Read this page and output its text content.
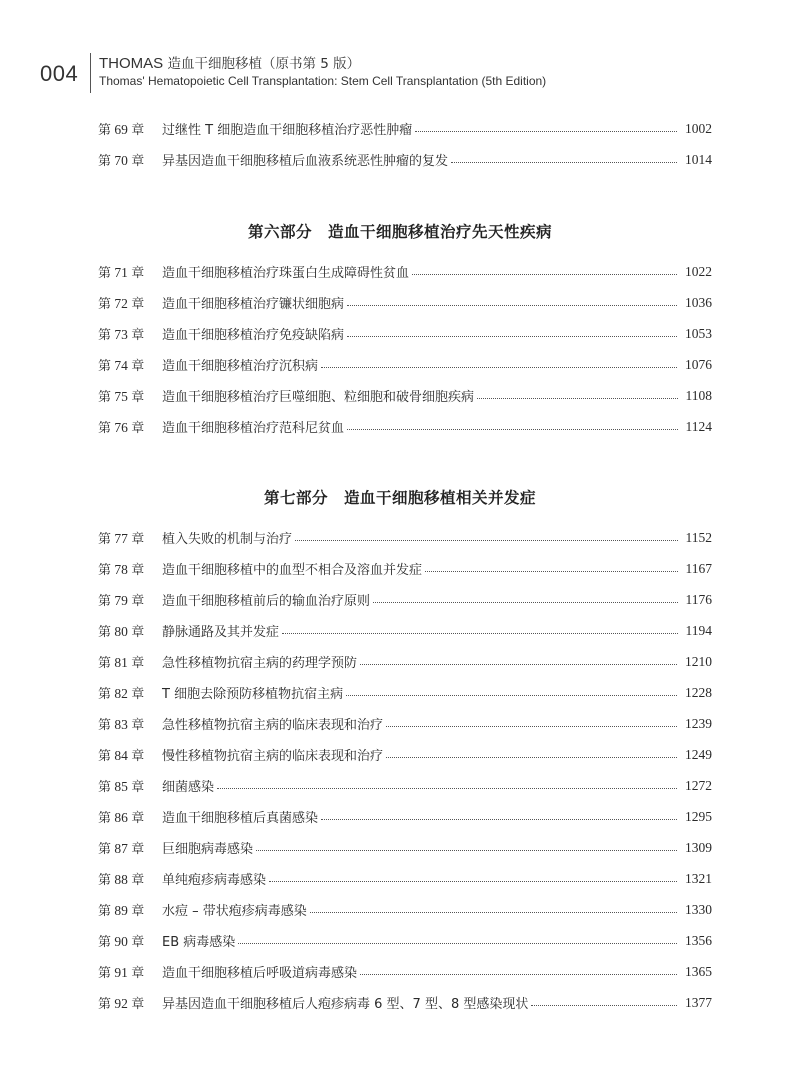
004 THOMAS 造血干细胞移植（原书第 5 版）
Thomas' Hematopoietic Cell Transplantation: Stem Cell Transplantation (5th Edition)
第 69 章	过继性 T 细胞造血干细胞移植治疗恶性肿瘤	1002
第 70 章	异基因造血干细胞移植后血液系统恶性肿瘤的复发	1014
第六部分　造血干细胞移植治疗先天性疾病
第 71 章	造血干细胞移植治疗珠蛋白生成障碍性贫血	1022
第 72 章	造血干细胞移植治疗镰状细胞病	1036
第 73 章	造血干细胞移植治疗免疫缺陷病	1053
第 74 章	造血干细胞移植治疗沉积病	1076
第 75 章	造血干细胞移植治疗巨噬细胞、粒细胞和破骨细胞疾病	1108
第 76 章	造血干细胞移植治疗范科尼贫血	1124
第七部分　造血干细胞移植相关并发症
第 77 章	植入失败的机制与治疗	1152
第 78 章	造血干细胞移植中的血型不相合及溶血并发症	1167
第 79 章	造血干细胞移植前后的输血治疗原则	1176
第 80 章	静脉通路及其并发症	1194
第 81 章	急性移植物抗宿主病的药理学预防	1210
第 82 章	T 细胞去除预防移植物抗宿主病	1228
第 83 章	急性移植物抗宿主病的临床表现和治疗	1239
第 84 章	慢性移植物抗宿主病的临床表现和治疗	1249
第 85 章	细菌感染	1272
第 86 章	造血干细胞移植后真菌感染	1295
第 87 章	巨细胞病毒感染	1309
第 88 章	单纯疱疹病毒感染	1321
第 89 章	水痘 – 带状疱疹病毒感染	1330
第 90 章	EB 病毒感染	1356
第 91 章	造血干细胞移植后呼吸道病毒感染	1365
第 92 章	异基因造血干细胞移植后人疱疹病毒 6 型、7 型、8 型感染现状	1377
